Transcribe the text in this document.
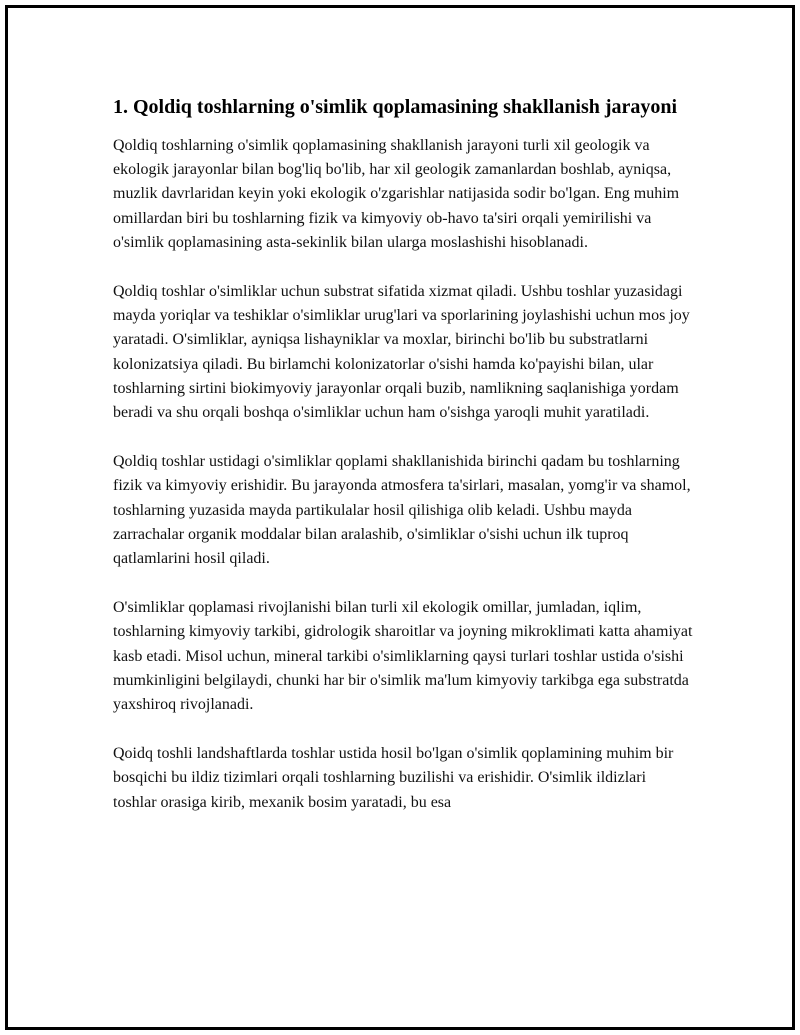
1. Qoldiq toshlarning o'simlik qoplamasining shakllanish jarayoni

Qoldiq toshlarning o'simlik qoplamasining shakllanish jarayoni turli xil geologik va ekologik jarayonlar bilan bog'liq bo'lib, har xil geologik zamanlardan boshlab, ayniqsa, muzlik davrlaridan keyin yoki ekologik o'zgarishlar natijasida sodir bo'lgan. Eng muhim omillardan biri bu toshlarning fizik va kimyoviy ob-havo ta'siri orqali yemirilishi va o'simlik qoplamasining asta-sekinlik bilan ularga moslashishi hisoblanadi.

Qoldiq toshlar o'simliklar uchun substrat sifatida xizmat qiladi. Ushbu toshlar yuzasidagi mayda yoriqlar va teshiklar o'simliklar urug'lari va sporlarining joylashishi uchun mos joy yaratadi. O'simliklar, ayniqsa lishayniklar va moxlar, birinchi bo'lib bu substratlarni kolonizatsiya qiladi. Bu birlamchi kolonizatorlar o'sishi hamda ko'payishi bilan, ular toshlarning sirtini biokimyoviy jarayonlar orqali buzib, namlikning saqlanishiga yordam beradi va shu orqali boshqa o'simliklar uchun ham o'sishga yaroqli muhit yaratiladi.

Qoldiq toshlar ustidagi o'simliklar qoplami shakllanishida birinchi qadam bu toshlarning fizik va kimyoviy erishidir. Bu jarayonda atmosfera ta'sirlari, masalan, yomg'ir va shamol, toshlarning yuzasida mayda partikulalar hosil qilishiga olib keladi. Ushbu mayda zarrachalar organik moddalar bilan aralashib, o'simliklar o'sishi uchun ilk tuproq qatlamlarini hosil qiladi.

O'simliklar qoplamasi rivojlanishi bilan turli xil ekologik omillar, jumladan, iqlim, toshlarning kimyoviy tarkibi, gidrologik sharoitlar va joyning mikroklimati katta ahamiyat kasb etadi. Misol uchun, mineral tarkibi o'simliklarning qaysi turlari toshlar ustida o'sishi mumkinligini belgilaydi, chunki har bir o'simlik ma'lum kimyoviy tarkibga ega substratda yaxshiroq rivojlanadi.

Qoidq toshli landshaftlarda toshlar ustida hosil bo'lgan o'simlik qoplamining muhim bir bosqichi bu ildiz tizimlari orqali toshlarning buzilishi va erishidir. O'simlik ildizlari toshlar orasiga kirib, mexanik bosim yaratadi, bu esa
